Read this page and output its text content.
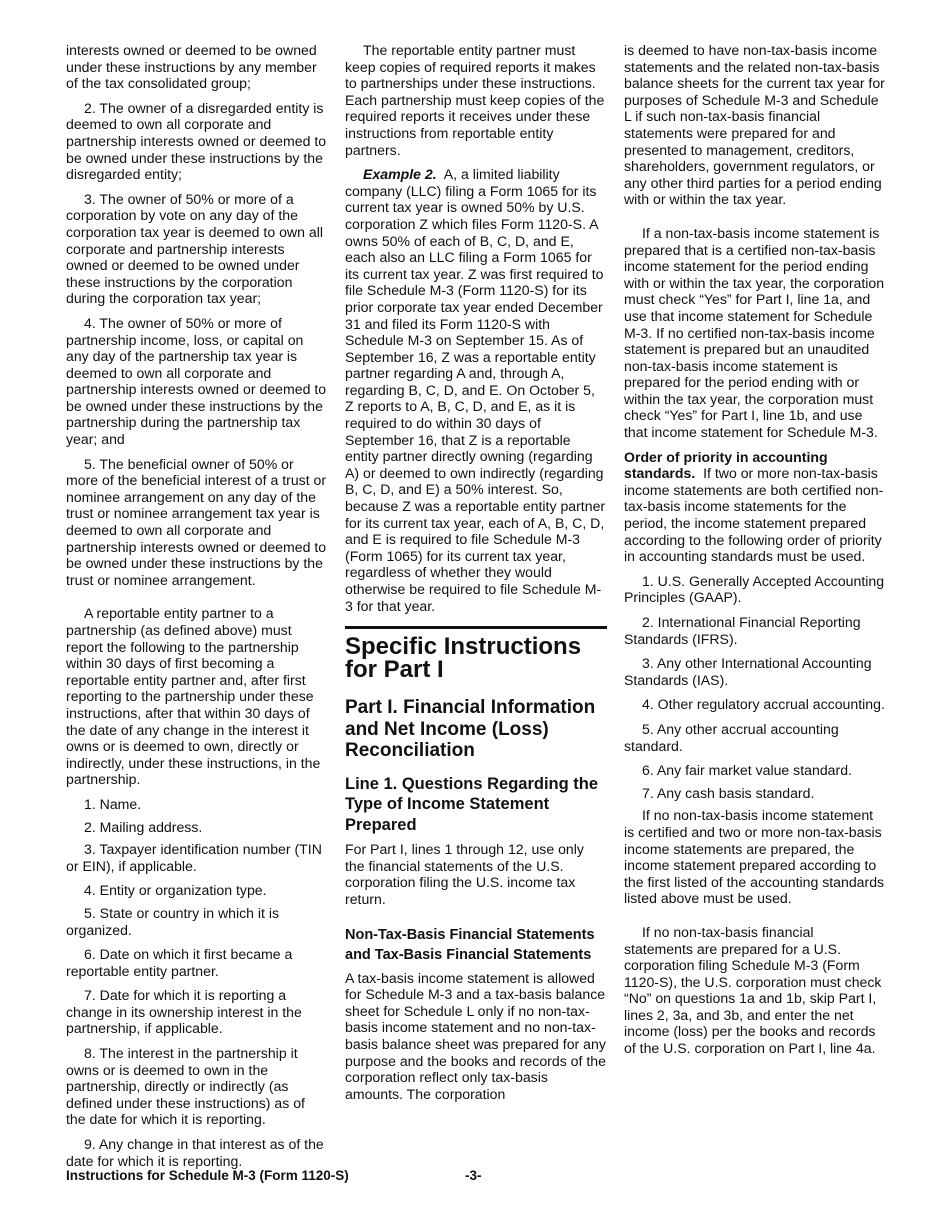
interests owned or deemed to be owned under these instructions by any member of the tax consolidated group;

2. The owner of a disregarded entity is deemed to own all corporate and partnership interests owned or deemed to be owned under these instructions by the disregarded entity;

3. The owner of 50% or more of a corporation by vote on any day of the corporation tax year is deemed to own all corporate and partnership interests owned or deemed to be owned under these instructions by the corporation during the corporation tax year;

4. The owner of 50% or more of partnership income, loss, or capital on any day of the partnership tax year is deemed to own all corporate and partnership interests owned or deemed to be owned under these instructions by the partnership during the partnership tax year; and

5. The beneficial owner of 50% or more of the beneficial interest of a trust or nominee arrangement on any day of the trust or nominee arrangement tax year is deemed to own all corporate and partnership interests owned or deemed to be owned under these instructions by the trust or nominee arrangement.

A reportable entity partner to a partnership (as defined above) must report the following to the partnership within 30 days of first becoming a reportable entity partner and, after first reporting to the partnership under these instructions, after that within 30 days of the date of any change in the interest it owns or is deemed to own, directly or indirectly, under these instructions, in the partnership.

1. Name.

2. Mailing address.

3. Taxpayer identification number (TIN or EIN), if applicable.

4. Entity or organization type.

5. State or country in which it is organized.

6. Date on which it first became a reportable entity partner.

7. Date for which it is reporting a change in its ownership interest in the partnership, if applicable.

8. The interest in the partnership it owns or is deemed to own in the partnership, directly or indirectly (as defined under these instructions) as of the date for which it is reporting.

9. Any change in that interest as of the date for which it is reporting.

The reportable entity partner must keep copies of required reports it makes to partnerships under these instructions. Each partnership must keep copies of the required reports it receives under these instructions from reportable entity partners.

Example 2. A, a limited liability company (LLC) filing a Form 1065 for its current tax year is owned 50% by U.S. corporation Z which files Form 1120-S. A owns 50% of each of B, C, D, and E, each also an LLC filing a Form 1065 for its current tax year. Z was first required to file Schedule M-3 (Form 1120-S) for its prior corporate tax year ended December 31 and filed its Form 1120-S with Schedule M-3 on September 15. As of September 16, Z was a reportable entity partner regarding A and, through A, regarding B, C, D, and E. On October 5, Z reports to A, B, C, D, and E, as it is required to do within 30 days of September 16, that Z is a reportable entity partner directly owning (regarding A) or deemed to own indirectly (regarding B, C, D, and E) a 50% interest. So, because Z was a reportable entity partner for its current tax year, each of A, B, C, D, and E is required to file Schedule M-3 (Form 1065) for its current tax year, regardless of whether they would otherwise be required to file Schedule M-3 for that year.

Specific Instructions for Part I
Part I. Financial Information and Net Income (Loss) Reconciliation
Line 1. Questions Regarding the Type of Income Statement Prepared

For Part I, lines 1 through 12, use only the financial statements of the U.S. corporation filing the U.S. income tax return.

Non-Tax-Basis Financial Statements and Tax-Basis Financial Statements

A tax-basis income statement is allowed for Schedule M-3 and a tax-basis balance sheet for Schedule L only if no non-tax-basis income statement and no non-tax-basis balance sheet was prepared for any purpose and the books and records of the corporation reflect only tax-basis amounts. The corporation

is deemed to have non-tax-basis income statements and the related non-tax-basis balance sheets for the current tax year for purposes of Schedule M-3 and Schedule L if such non-tax-basis financial statements were prepared for and presented to management, creditors, shareholders, government regulators, or any other third parties for a period ending with or within the tax year.

If a non-tax-basis income statement is prepared that is a certified non-tax-basis income statement for the period ending with or within the tax year, the corporation must check “Yes” for Part I, line 1a, and use that income statement for Schedule M-3. If no certified non-tax-basis income statement is prepared but an unaudited non-tax-basis income statement is prepared for the period ending with or within the tax year, the corporation must check “Yes” for Part I, line 1b, and use that income statement for Schedule M-3.

Order of priority in accounting standards. If two or more non-tax-basis income statements are both certified non-tax-basis income statements for the period, the income statement prepared according to the following order of priority in accounting standards must be used.

1. U.S. Generally Accepted Accounting Principles (GAAP).

2. International Financial Reporting Standards (IFRS).

3. Any other International Accounting Standards (IAS).

4. Other regulatory accrual accounting.

5. Any other accrual accounting standard.

6. Any fair market value standard.

7. Any cash basis standard.

If no non-tax-basis income statement is certified and two or more non-tax-basis income statements are prepared, the income statement prepared according to the first listed of the accounting standards listed above must be used.

If no non-tax-basis financial statements are prepared for a U.S. corporation filing Schedule M-3 (Form 1120-S), the U.S. corporation must check “No” on questions 1a and 1b, skip Part I, lines 2, 3a, and 3b, and enter the net income (loss) per the books and records of the U.S. corporation on Part I, line 4a.

Instructions for Schedule M-3 (Form 1120-S)	-3-
